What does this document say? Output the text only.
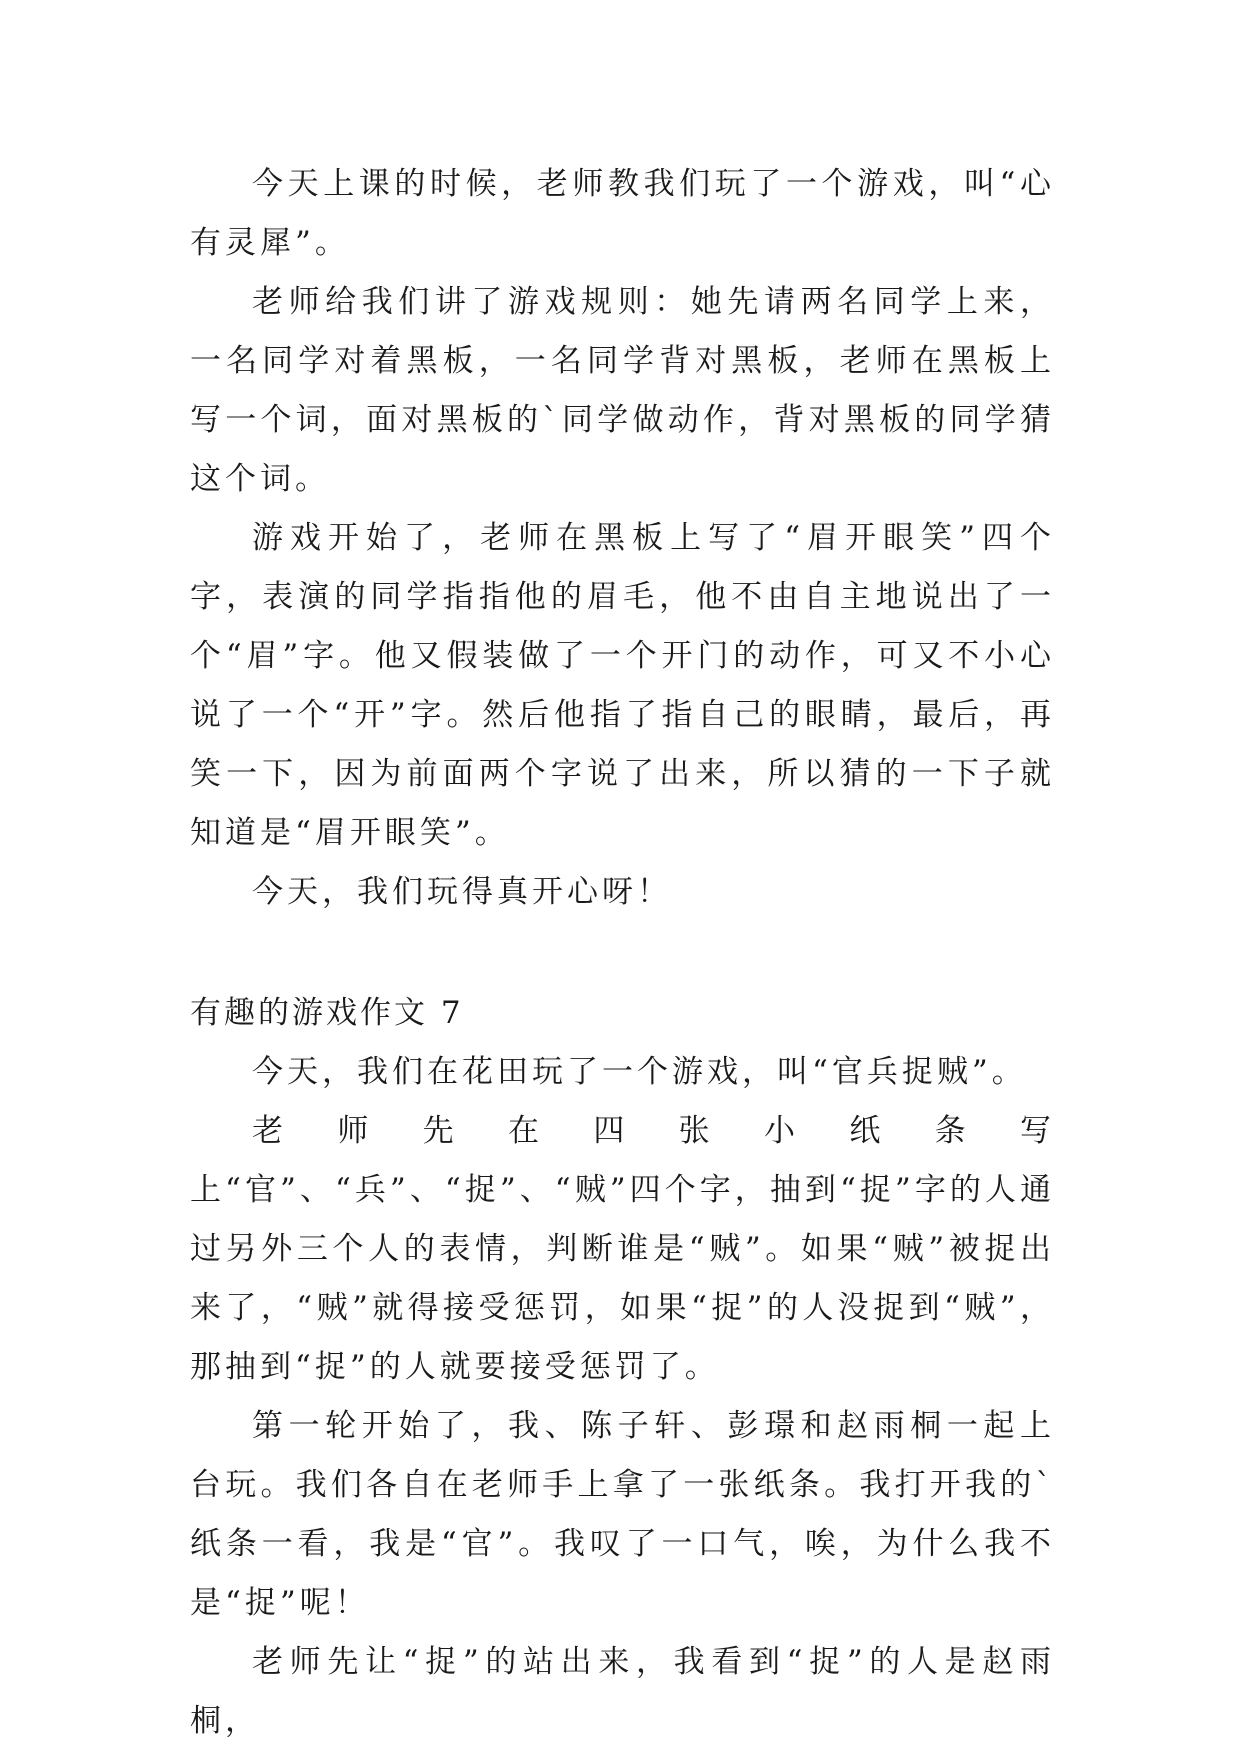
今天上课的时候，老师教我们玩了一个游戏，叫“心有灵犀”。

老师给我们讲了游戏规则：她先请两名同学上来，一名同学对着黑板，一名同学背对黑板，老师在黑板上写一个词，面对黑板的`同学做动作，背对黑板的同学猜这个词。

游戏开始了，老师在黑板上写了“眉开眼笑”四个字，表演的同学指指他的眉毛，他不由自主地说出了一个“眉”字。他又假装做了一个开门的动作，可又不小心说了一个“开”字。然后他指了指自己的眼睛，最后，再笑一下，因为前面两个字说了出来，所以猜的一下子就知道是“眉开眼笑”。

今天，我们玩得真开心呀！

有趣的游戏作文 7

今天，我们在花田玩了一个游戏，叫“官兵捉贼”。

老师先在四张小纸条写上“官”、“兵”、“捉”、“贼”四个字，抽到“捉”字的人通过另外三个人的表情，判断谁是“贼”。如果“贼”被捉出来了，“贼”就得接受惩罚，如果“捉”的人没捉到“贼”，那抽到“捉”的人就要接受惩罚了。

第一轮开始了，我、陈子轩、彭璟和赵雨桐一起上台玩。我们各自在老师手上拿了一张纸条。我打开我的`纸条一看，我是“官”。我叹了一口气，唉，为什么我不是“捉”呢！

老师先让“捉”的站出来，我看到“捉”的人是赵雨桐，
